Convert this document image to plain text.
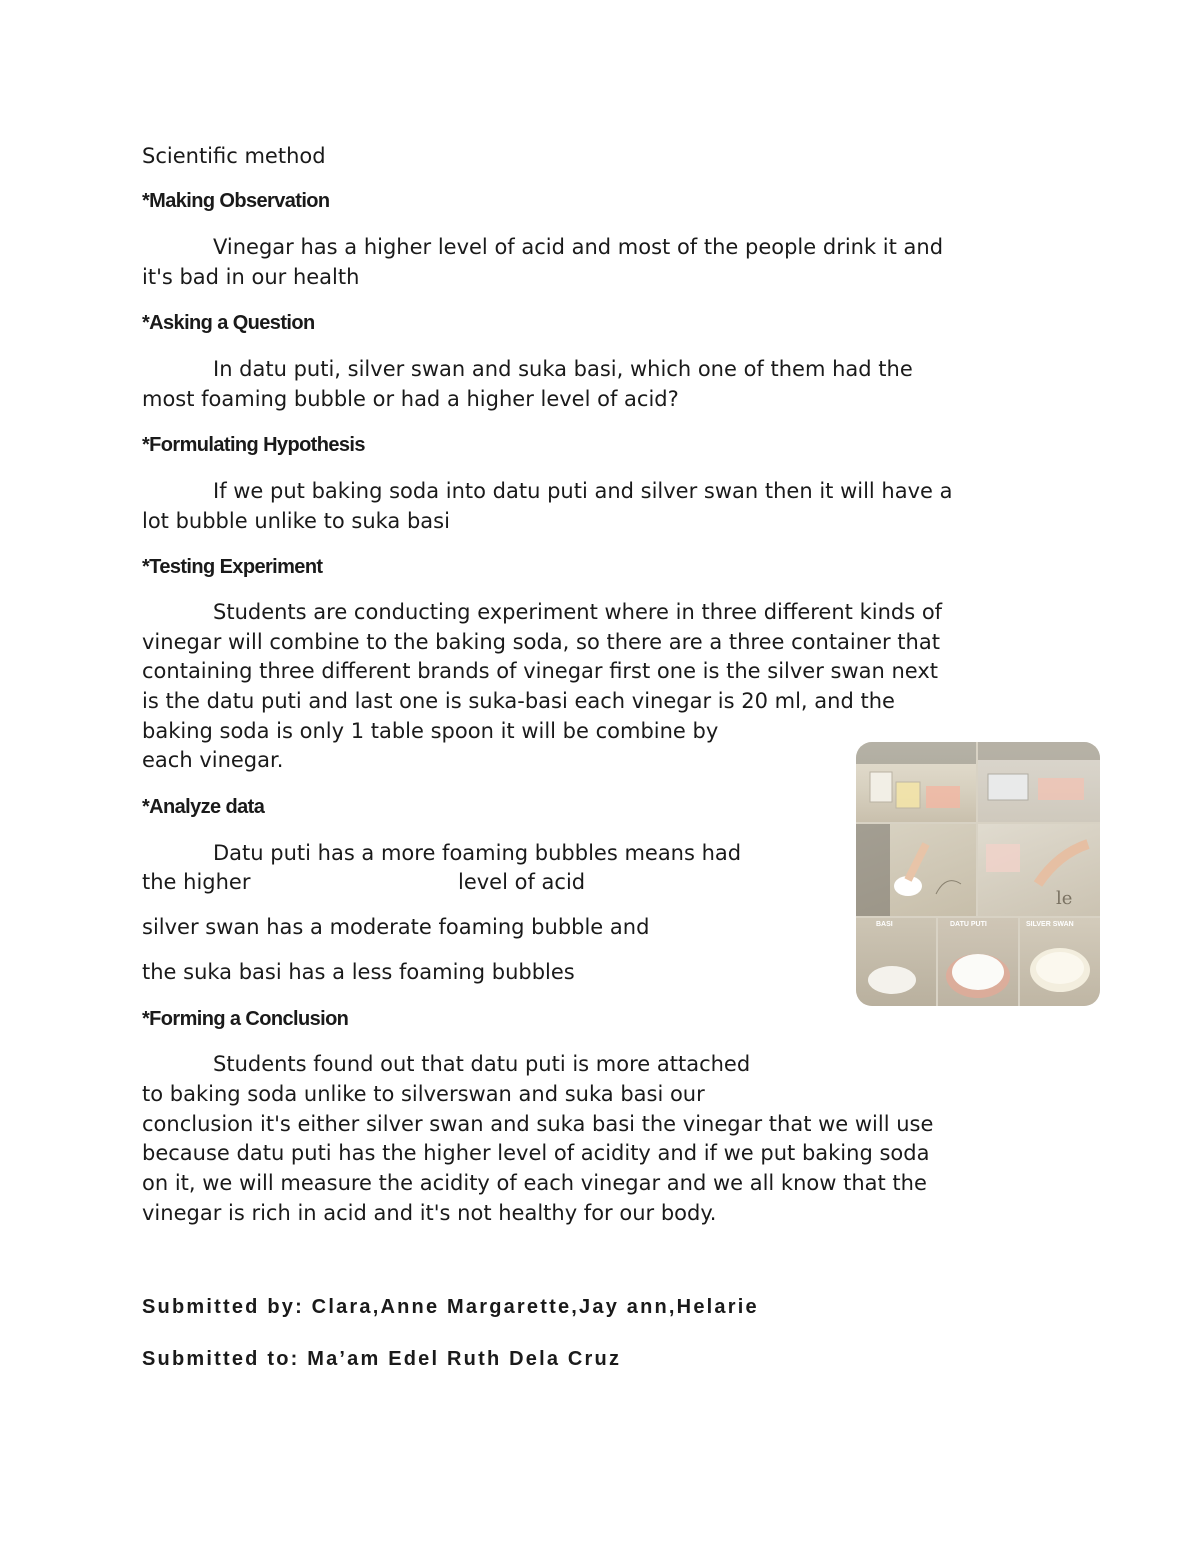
Scientific method

*Making Observation

Vinegar has a higher level of acid and most of the people drink it and

it's bad in our health

*Asking a Question

In datu puti, silver swan and suka basi, which one of them had the

most foaming bubble or had a higher level of acid?

*Formulating Hypothesis

If we put baking soda into datu puti and silver swan then it will have a

lot bubble unlike to suka basi

*Testing Experiment

Students are conducting experiment where in three different kinds of

vinegar will combine to the baking soda, so there are a three container that

containing three different brands of vinegar first one is the silver swan next

is the datu puti and last one is suka-basi each vinegar is 20 ml, and the

baking soda is only 1 table spoon it will be combine by

each vinegar.

*Analyze data

Datu puti has a more foaming bubbles means had

the higher	level of acid

silver swan has a moderate foaming bubble and

the suka basi has a less foaming bubbles

*Forming a Conclusion

Students found out that datu puti is more attached

to baking soda unlike to silverswan and suka basi our

conclusion it's either silver swan and suka basi the vinegar that we will use

because datu puti has the higher level of acidity and if we put baking soda

on it, we will measure the acidity of each vinegar and we all know that the

vinegar is rich in acid and it's not healthy for our body.

Submitted by: Clara,Anne Margarette,Jay ann,Helarie

Submitted to: Ma’am Edel Ruth Dela Cruz

le
BASI	DATU PUTI	SILVER SWAN
